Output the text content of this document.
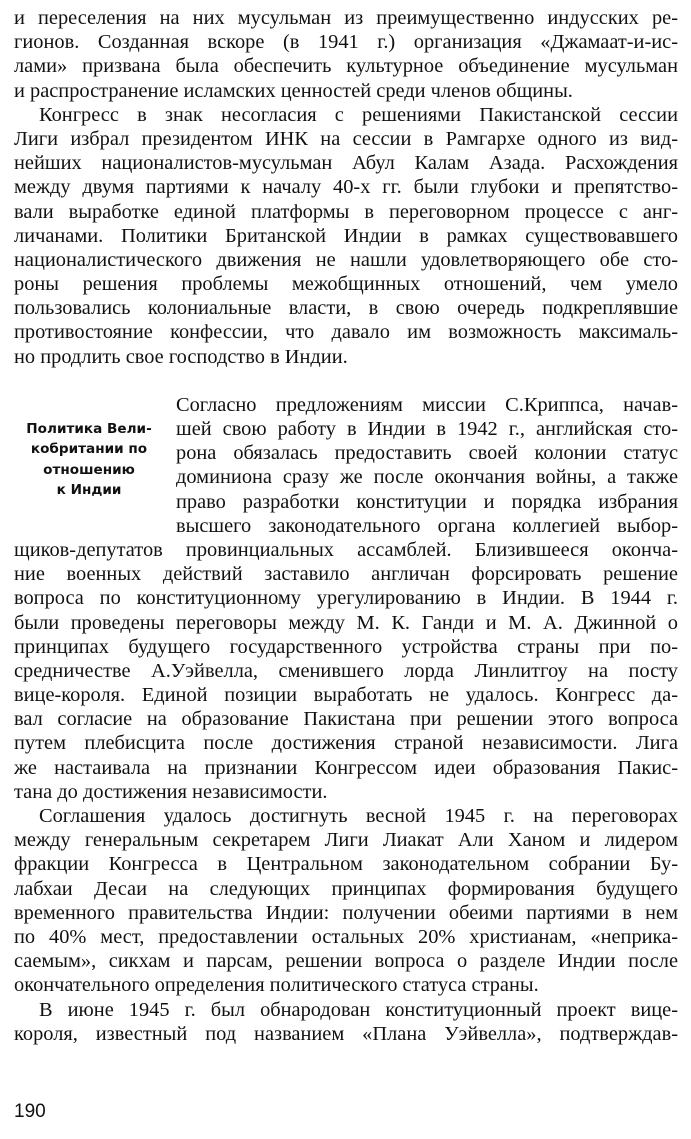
и переселения на них мусульман из преимущественно индусских ре-
гионов. Созданная вскоре (в 1941 г.) организация «Джамаат-и-ис-
лами» призвана была обеспечить культурное объединение мусульман
и распространение исламских ценностей среди членов общины.
Конгресс в знак несогласия с решениями Пакистанской сессии
Лиги избрал президентом ИНК на сессии в Рамгархе одного из вид-
нейших националистов-мусульман Абул Калам Азада. Расхождения
между двумя партиями к началу 40-х гг. были глубоки и препятство-
вали выработке единой платформы в переговорном процессе с анг-
личанами. Политики Британской Индии в рамках существовавшего
националистического движения не нашли удовлетворяющего обе сто-
роны решения проблемы межобщинных отношений, чем умело
пользовались колониальные власти, в свою очередь подкреплявшие
противостояние конфессии, что давало им возможность максималь-
но продлить свое господство в Индии.
Политика Вели-
кобритании по
отношению
к Индии
Согласно предложениям миссии С.Криппса, начав-
шей свою работу в Индии в 1942 г., английская сто-
рона обязалась предоставить своей колонии статус
доминиона сразу же после окончания войны, а также
право разработки конституции и порядка избрания
высшего законодательного органа коллегией выбор-
щиков-депутатов провинциальных ассамблей. Близившееся оконча-
ние военных действий заставило англичан форсировать решение
вопроса по конституционному урегулированию в Индии. В 1944 г.
были проведены переговоры между М. К. Ганди и М. А. Джинной о
принципах будущего государственного устройства страны при по-
средничестве А.Уэйвелла, сменившего лорда Линлитгоу на посту
вице-короля. Единой позиции выработать не удалось. Конгресс да-
вал согласие на образование Пакистана при решении этого вопроса
путем плебисцита после достижения страной независимости. Лига
же настаивала на признании Конгрессом идеи образования Пакис-
тана до достижения независимости.
Соглашения удалось достигнуть весной 1945 г. на переговорах
между генеральным секретарем Лиги Лиакат Али Ханом и лидером
фракции Конгресса в Центральном законодательном собрании Бу-
лабхаи Десаи на следующих принципах формирования будущего
временного правительства Индии: получении обеими партиями в нем
по 40% мест, предоставлении остальных 20% христианам, «неприка-
саемым», сикхам и парсам, решении вопроса о разделе Индии после
окончательного определения политического статуса страны.
В июне 1945 г. был обнародован конституционный проект вице-
короля, известный под названием «Плана Уэйвелла», подтверждав-
190
